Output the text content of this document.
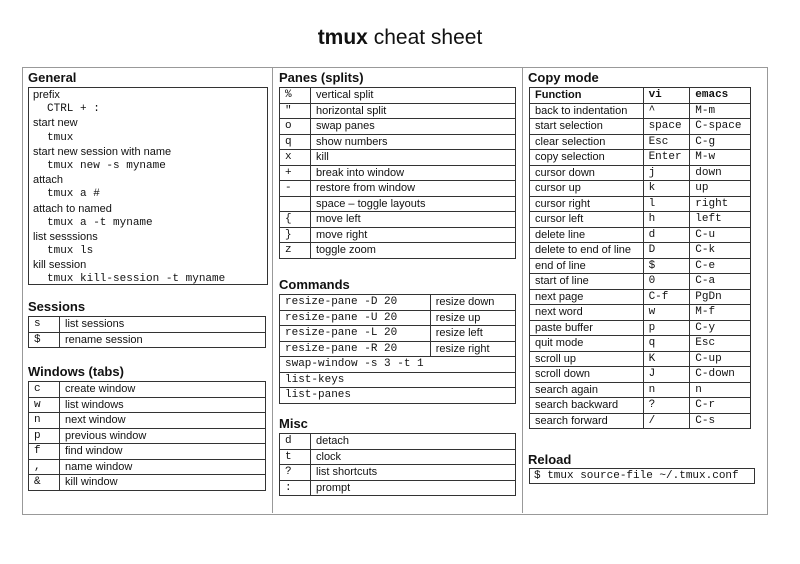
tmux cheat sheet
General
prefix
CTRL + :
start new
tmux
start new session with name
tmux new -s myname
attach
tmux a #
attach to named
tmux a -t myname
list sesssions
tmux ls
kill session
tmux kill-session -t myname
Sessions
s	list sessions
$	rename session
Windows (tabs)
c	create window
w	list windows
n	next window
p	previous window
f	find window
,	name window
&	kill window
Panes (splits)
%	vertical split
"	horizontal split
o	swap panes
q	show numbers
x	kill
+	break into window
-	restore from window
	space – toggle layouts
{	move left
}	move right
z	toggle zoom
Commands
resize-pane -D 20	resize down
resize-pane -U 20	resize up
resize-pane -L 20	resize left
resize-pane -R 20	resize right
swap-window -s 3 -t 1	
list-keys	
list-panes	
Misc
d	detach
t	clock
?	list shortcuts
:	prompt
Copy mode
Function	vi	emacs
back to indentation	^	M-m
start selection	space	C-space
clear selection	Esc	C-g
copy selection	Enter	M-w
cursor down	j	down
cursor up	k	up
cursor right	l	right
cursor left	h	left
delete line	d	C-u
delete to end of line	D	C-k
end of line	$	C-e
start of line	0	C-a
next page	C-f	PgDn
next word	w	M-f
paste buffer	p	C-y
quit mode	q	Esc
scroll up	K	C-up
scroll down	J	C-down
search again	n	n
search backward	?	C-r
search forward	/	C-s
Reload
$ tmux source-file ~/.tmux.conf
